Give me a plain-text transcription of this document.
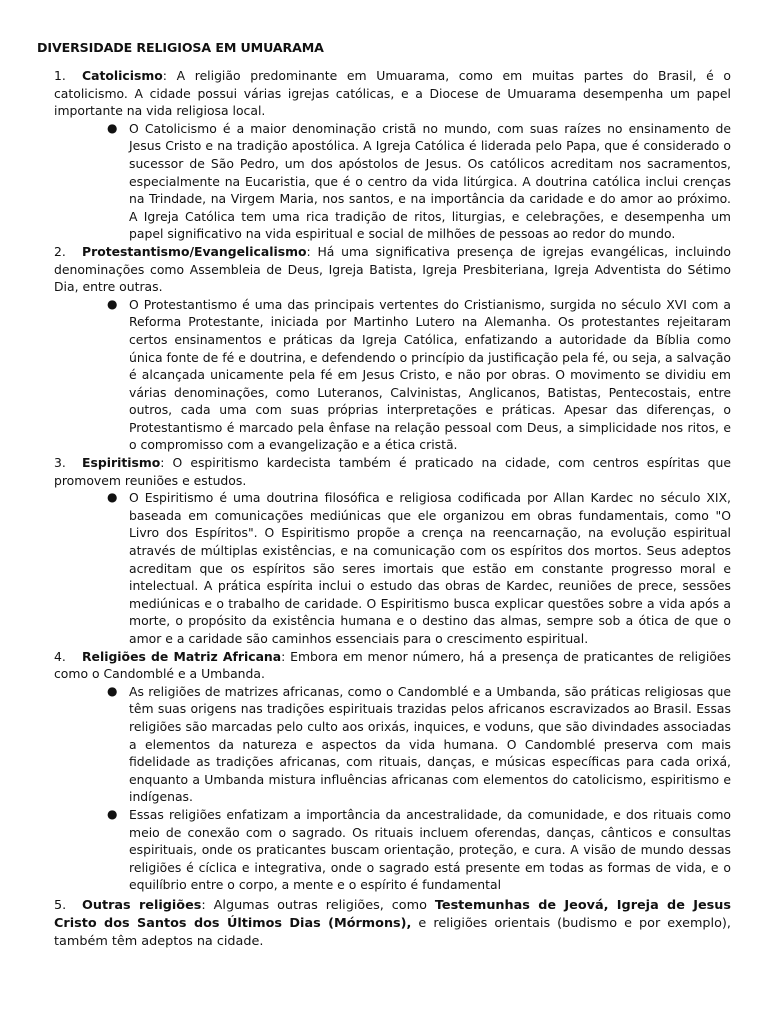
DIVERSIDADE RELIGIOSA EM UMUARAMA
1. Catolicismo: A religião predominante em Umuarama, como em muitas partes do Brasil, é o catolicismo. A cidade possui várias igrejas católicas, e a Diocese de Umuarama desempenha um papel importante na vida religiosa local.
● O Catolicismo é a maior denominação cristã no mundo, com suas raízes no ensinamento de Jesus Cristo e na tradição apostólica. A Igreja Católica é liderada pelo Papa, que é considerado o sucessor de São Pedro, um dos apóstolos de Jesus. Os católicos acreditam nos sacramentos, especialmente na Eucaristia, que é o centro da vida litúrgica. A doutrina católica inclui crenças na Trindade, na Virgem Maria, nos santos, e na importância da caridade e do amor ao próximo. A Igreja Católica tem uma rica tradição de ritos, liturgias, e celebrações, e desempenha um papel significativo na vida espiritual e social de milhões de pessoas ao redor do mundo.
2. Protestantismo/Evangelicalismo: Há uma significativa presença de igrejas evangélicas, incluindo denominações como Assembleia de Deus, Igreja Batista, Igreja Presbiteriana, Igreja Adventista do Sétimo Dia, entre outras.
● O Protestantismo é uma das principais vertentes do Cristianismo, surgida no século XVI com a Reforma Protestante, iniciada por Martinho Lutero na Alemanha. Os protestantes rejeitaram certos ensinamentos e práticas da Igreja Católica, enfatizando a autoridade da Bíblia como única fonte de fé e doutrina, e defendendo o princípio da justificação pela fé, ou seja, a salvação é alcançada unicamente pela fé em Jesus Cristo, e não por obras. O movimento se dividiu em várias denominações, como Luteranos, Calvinistas, Anglicanos, Batistas, Pentecostais, entre outros, cada uma com suas próprias interpretações e práticas. Apesar das diferenças, o Protestantismo é marcado pela ênfase na relação pessoal com Deus, a simplicidade nos ritos, e o compromisso com a evangelização e a ética cristã.
3. Espiritismo: O espiritismo kardecista também é praticado na cidade, com centros espíritas que promovem reuniões e estudos.
● O Espiritismo é uma doutrina filosófica e religiosa codificada por Allan Kardec no século XIX, baseada em comunicações mediúnicas que ele organizou em obras fundamentais, como "O Livro dos Espíritos". O Espiritismo propõe a crença na reencarnação, na evolução espiritual através de múltiplas existências, e na comunicação com os espíritos dos mortos. Seus adeptos acreditam que os espíritos são seres imortais que estão em constante progresso moral e intelectual. A prática espírita inclui o estudo das obras de Kardec, reuniões de prece, sessões mediúnicas e o trabalho de caridade. O Espiritismo busca explicar questões sobre a vida após a morte, o propósito da existência humana e o destino das almas, sempre sob a ótica de que o amor e a caridade são caminhos essenciais para o crescimento espiritual.
4. Religiões de Matriz Africana: Embora em menor número, há a presença de praticantes de religiões como o Candomblé e a Umbanda.
● As religiões de matrizes africanas, como o Candomblé e a Umbanda, são práticas religiosas que têm suas origens nas tradições espirituais trazidas pelos africanos escravizados ao Brasil. Essas religiões são marcadas pelo culto aos orixás, inquices, e voduns, que são divindades associadas a elementos da natureza e aspectos da vida humana. O Candomblé preserva com mais fidelidade as tradições africanas, com rituais, danças, e músicas específicas para cada orixá, enquanto a Umbanda mistura influências africanas com elementos do catolicismo, espiritismo e indígenas.
● Essas religiões enfatizam a importância da ancestralidade, da comunidade, e dos rituais como meio de conexão com o sagrado. Os rituais incluem oferendas, danças, cânticos e consultas espirituais, onde os praticantes buscam orientação, proteção, e cura. A visão de mundo dessas religiões é cíclica e integrativa, onde o sagrado está presente em todas as formas de vida, e o equilíbrio entre o corpo, a mente e o espírito é fundamental
5. Outras religiões: Algumas outras religiões, como Testemunhas de Jeová, Igreja de Jesus Cristo dos Santos dos Últimos Dias (Mórmons), e religiões orientais (budismo e por exemplo), também têm adeptos na cidade.
